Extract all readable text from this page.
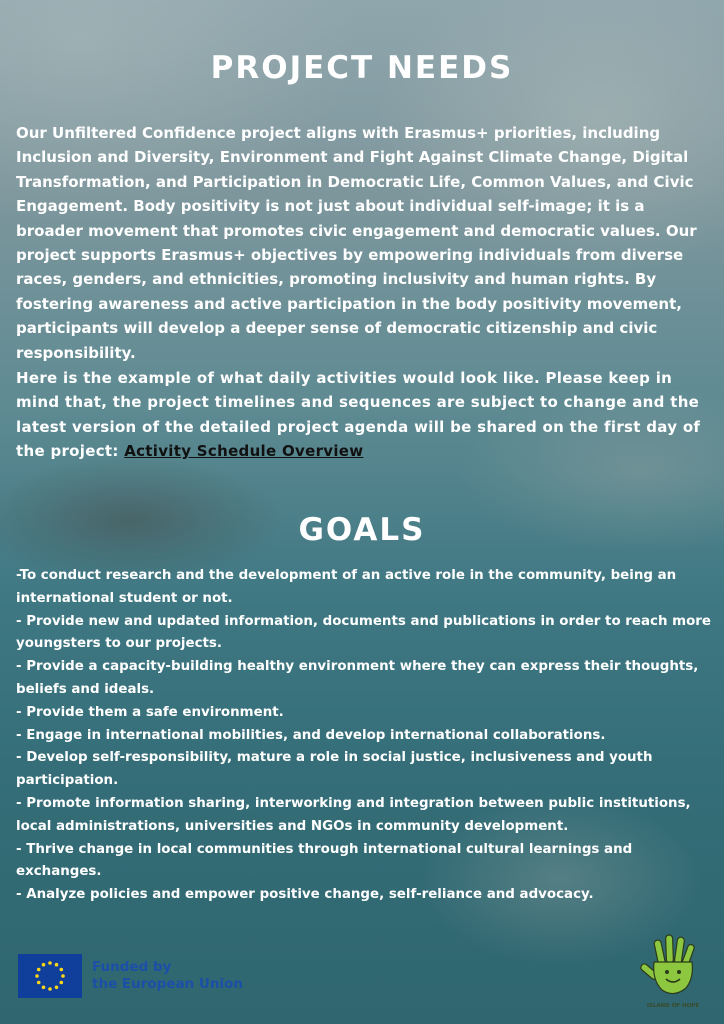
PROJECT NEEDS

Our Unfiltered Confidence project aligns with Erasmus+ priorities, including Inclusion and Diversity, Environment and Fight Against Climate Change, Digital Transformation, and Participation in Democratic Life, Common Values, and Civic Engagement. Body positivity is not just about individual self-image; it is a broader movement that promotes civic engagement and democratic values. Our project supports Erasmus+ objectives by empowering individuals from diverse races, genders, and ethnicities, promoting inclusivity and human rights. By fostering awareness and active participation in the body positivity movement, participants will develop a deeper sense of democratic citizenship and civic responsibility.

Here is the example of what daily activities would look like. Please keep in mind that, the project timelines and sequences are subject to change and the latest version of the detailed project agenda will be shared on the first day of the project: Activity Schedule Overview

GOALS
-To conduct research and the development of an active role in the community, being an international student or not.
- Provide new and updated information, documents and publications in order to reach more youngsters to our projects.
- Provide a capacity-building healthy environment where they can express their thoughts, beliefs and ideals.
- Provide them a safe environment.
- Engage in international mobilities, and develop international collaborations.
- Develop self-responsibility, mature a role in social justice, inclusiveness and youth participation.
- Promote information sharing, interworking and integration between public institutions, local administrations, universities and NGOs in community development.
- Thrive change in local communities through international cultural learnings and exchanges.
- Analyze policies and empower positive change, self-reliance and advocacy.
Funded by
the European Union
ISLAND OF HOPE
